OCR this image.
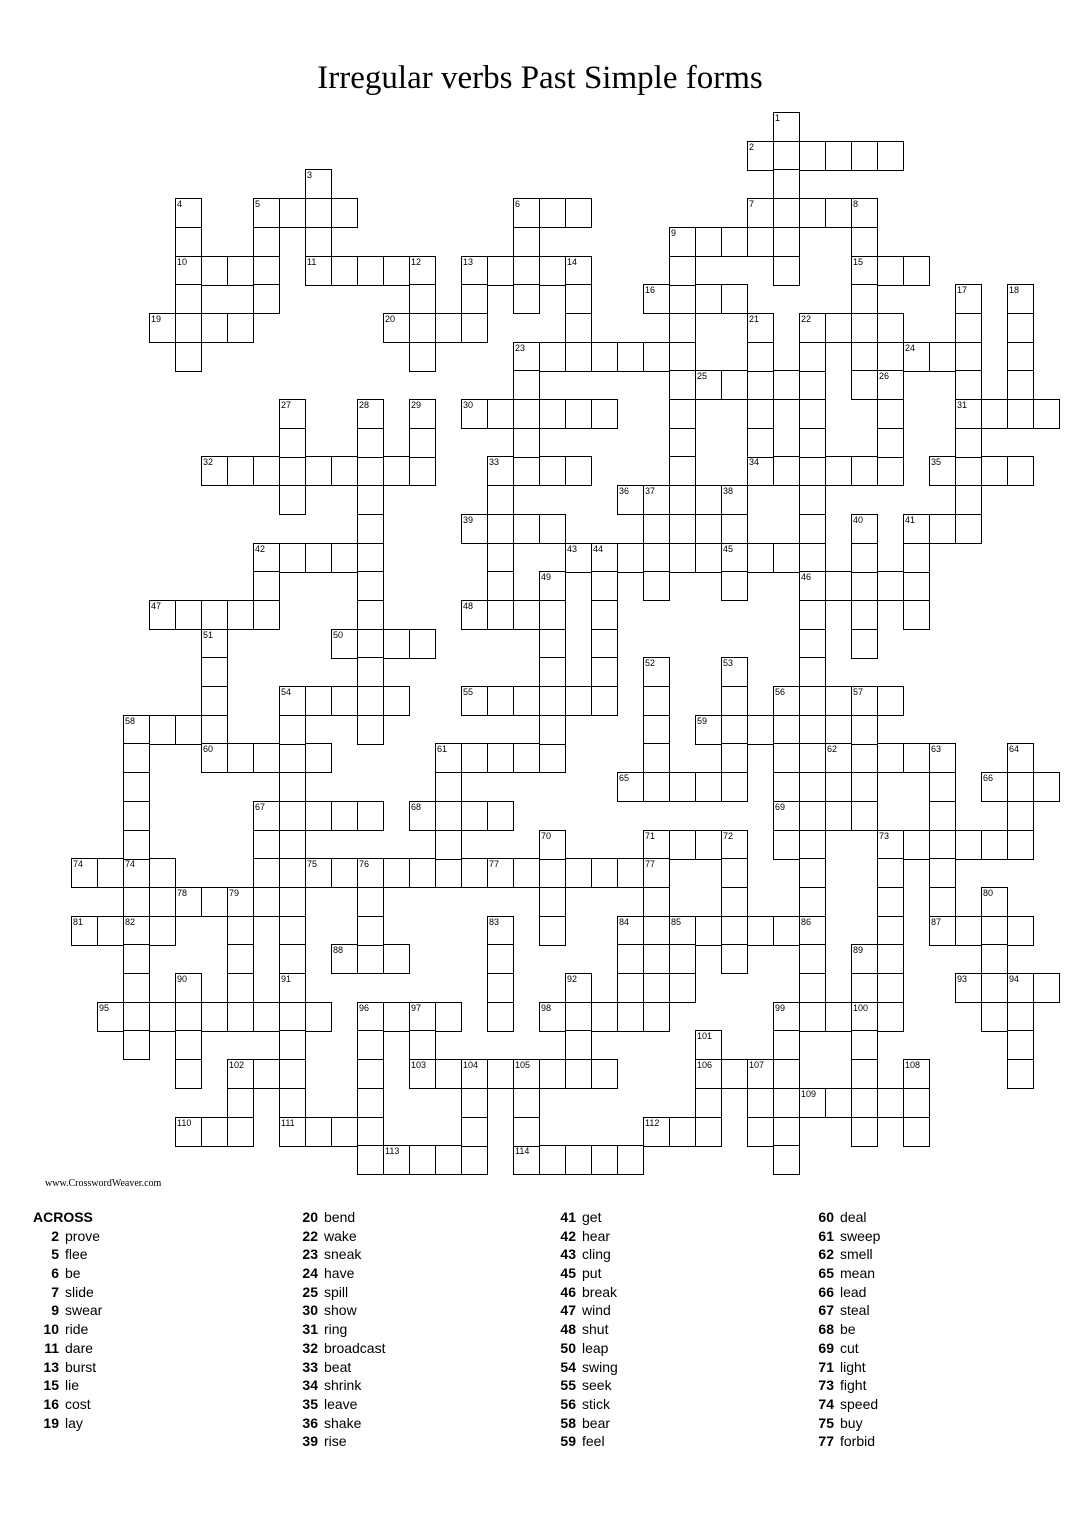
Irregular verbs Past Simple forms
2
5	6	7
9
10	11	12	13	14	15
16
19	20	22
23	24
25
30	31
32	33	34	35
36 37	38
39	41
42	43 44	45
46
47	48
50
54	55	56	57
58	59
60	61	62	63
65	66
67	68	69
71	72	73
74	74	75	76	77	77
78	79
81	82	85	87
88
93	94
95	96	97	98	99	100
102	103	104	105	106	107
109
110	111	112
113	114
1
3
4	8
17	18
21
86
26
27	28	29
40
49
51
52	53
91
64
70
80
83	84
89
90	92
101
108
www.CrosswordWeaver.com
ACROSS
2 prove
5 flee
6 be
7 slide
9 swear
10 ride
11 dare
13 burst
15 lie
16 cost
19 lay
20 bend
22 wake
23 sneak
24 have
25 spill
30 show
31 ring
32 broadcast
33 beat
34 shrink
35 leave
36 shake
39 rise
41 get
42 hear
43 cling
45 put
46 break
47 wind
48 shut
50 leap
54 swing
55 seek
56 stick
58 bear
59 feel
60 deal
61 sweep
62 smell
65 mean
66 lead
67 steal
68 be
69 cut
71 light
73 fight
74 speed
75 buy
77 forbid
